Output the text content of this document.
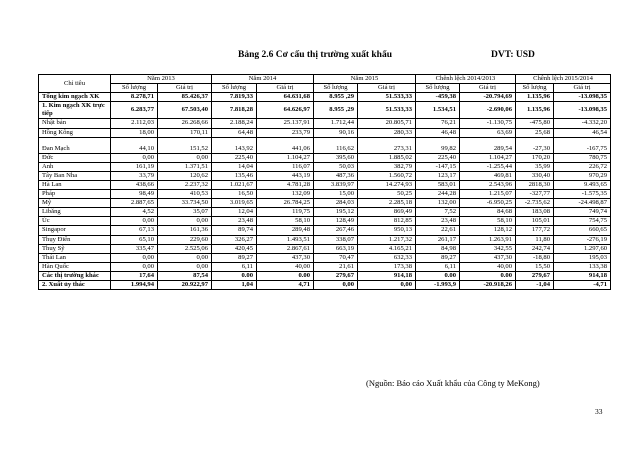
Bảng 2.6 Cơ cấu thị trường xuất khẩu	DVT: USD
Chỉ tiêu	Năm 2013		Năm 2014		Năm 2015		Chênh lệch 2014/2013		Chênh lệch 2015/2014	
	Số lượng	Giá trị	Số lượng	Giá trị	Số lượng	Giá trị	Số lượng	Giá trị	Số lượng	Giá trị
Tổng kim ngạch XK	8.278,71	85.426,37	7.819,33	64.631,68	8.955 ,29	51.533,33	-459,38	-20.794,69	1.135,96	-13.098,35
1. Kim ngạch XK trực tiếp	6.283,77	67.503,40	7.818,28	64.626,97	8.955 ,29	51.533,33	1.534,51	-2.690,06	1.135,96	-13.098,35
Nhật bản	2.112,03	26.268,66	2.188,24	25.137,91	1.712,44	20.805,71	76,21	-1.130,75	-475,80	-4.332,20
Hồng Kông	18,00	170,11	64,48	233,79	90,16	280,33	46,48	63,69	25,68	46,54
Đan Mạch	44,10	151,52	143,92	441,06	116,62	273,31	99,82	289,54	-27,30	-167,75
Đức	0,00	0,00	225,40	1.104,27	395,60	1.885,02	225,40	1.104,27	170,20	780,75
Anh	161,19	1.371,51	14,04	116,07	50,03	382,79	-147,15	-1.255,44	35,99	226,72
Tây Ban Nha	33,79	120,62	135,46	443,19	487,36	1.560,72	123,17	469,81	330,40	970,29
Hà Lan	438,66	2.237,32	1.021,67	4.781,28	3.839,97	14.274,93	583,01	2.543,96	2818,30	9.493,65
Pháp	98,49	410,53	16,50	132,09	15,00	50,25	244,28	1.215,07	-327,77	-1.575,35
Mỹ	2.887,65	33.734,50	3.019,65	26.784,25	284,03	2.285,18	132,00	-6.950,25	-2.735,62	-24.498,87
Libăng	4,52	35,07	12,04	119,75	195,12	869,49	7,52	84,68	183,08	749,74
Úc	0,00	0,00	23,48	58,10	128,49	812,85	23,48	58,10	105,01	754,75
Singapor	67,13	161,36	89,74	289,48	267,46	950,13	22,61	128,12	177,72	660,65
Thụy Điển	65,10	229,60	326,27	1.493,51	338,07	1.217,32	261,17	1.263,91	11,80	-276,19
Thuỵ Sỹ	335,47	2.525,06	420,45	2.867,61	663,19	4.165,21	84,98	342,55	242,74	1.297,60
Thái Lan	0,00	0,00	89,27	437,30	70,47	632,33	89,27	437,30	-18,80	195,03
Hàn Quốc	0,00	0,00	6,11	40,00	21,61	173,38	6,11	40,00	15,50	133,38
Các thị trường khác	17,64	87,54	0.00	0.00	279,67	914,18	0.00	0.00	279,67	914,18
2. Xuất ủy thác	1.994,94	20.922,97	1,04	4,71	0,00	0,00	-1.993,9	-20.918,26	-1,04	-4,71
(Nguồn: Báo cáo Xuất khẩu của Công ty MeKong)
33
